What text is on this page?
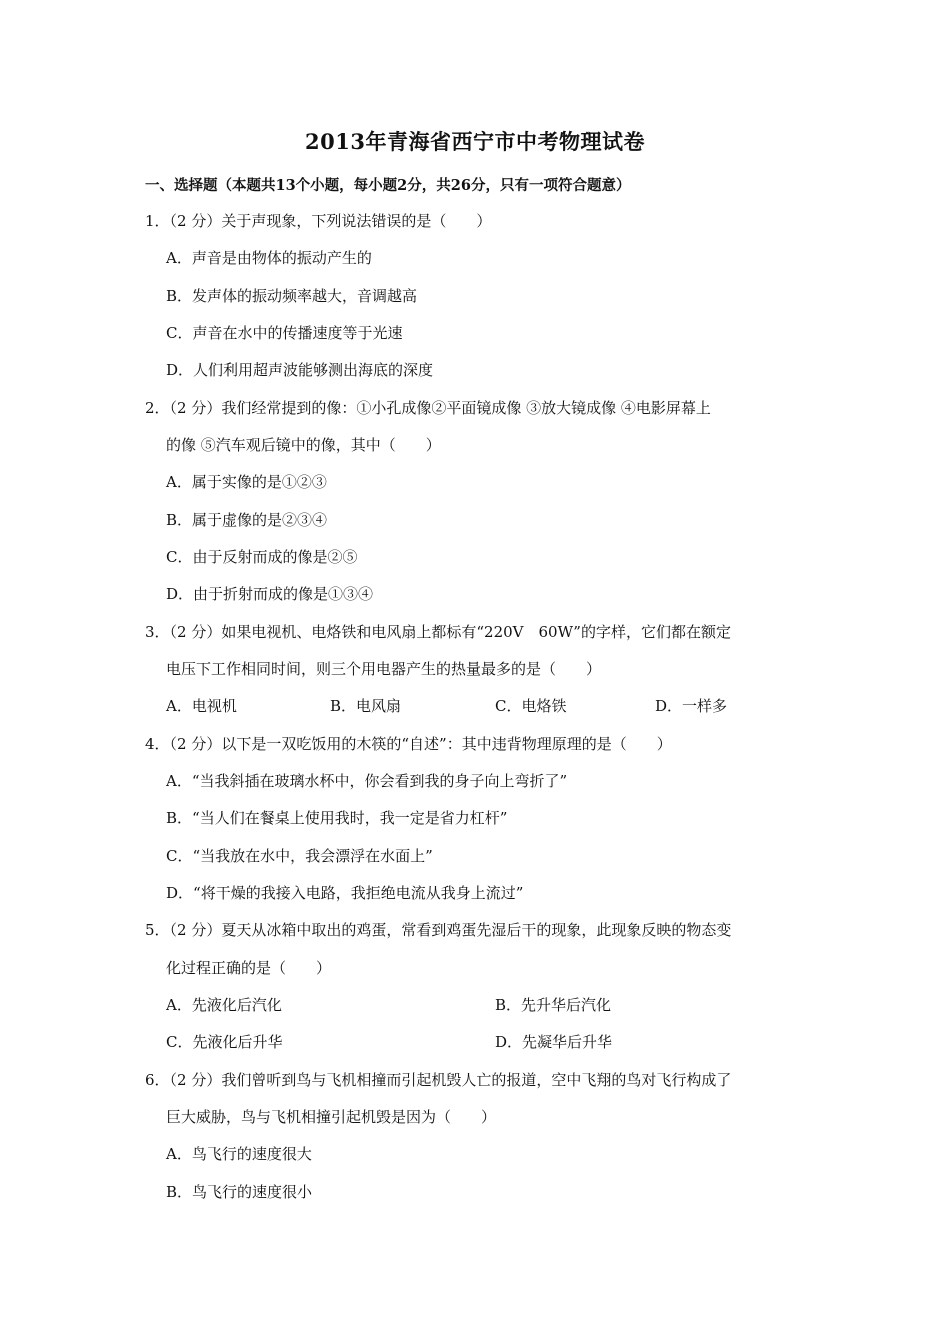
2013年青海省西宁市中考物理试卷
一、选择题（本题共13个小题，每小题2分，共26分，只有一项符合题意）
1．（2 分）关于声现象，下列说法错误的是（　　）
A．声音是由物体的振动产生的
B．发声体的振动频率越大，音调越高
C．声音在水中的传播速度等于光速
D．人们利用超声波能够测出海底的深度
2．（2 分）我们经常提到的像：①小孔成像②平面镜成像 ③放大镜成像 ④电影屏幕上
的像 ⑤汽车观后镜中的像，其中（　　）
A．属于实像的是①②③
B．属于虚像的是②③④
C．由于反射而成的像是②⑤
D．由于折射而成的像是①③④
3．（2 分）如果电视机、电烙铁和电风扇上都标有“220V　60W”的字样，它们都在额定
电压下工作相同时间，则三个用电器产生的热量最多的是（　　）
A．电视机	B．电风扇	C．电烙铁	D．一样多
4．（2 分）以下是一双吃饭用的木筷的“自述”：其中违背物理原理的是（　　）
A．“当我斜插在玻璃水杯中，你会看到我的身子向上弯折了”
B．“当人们在餐桌上使用我时，我一定是省力杠杆”
C．“当我放在水中，我会漂浮在水面上”
D．“将干燥的我接入电路，我拒绝电流从我身上流过”
5．（2 分）夏天从冰箱中取出的鸡蛋，常看到鸡蛋先湿后干的现象，此现象反映的物态变
化过程正确的是（　　）
A．先液化后汽化	B．先升华后汽化
C．先液化后升华	D．先凝华后升华
6．（2 分）我们曾听到鸟与飞机相撞而引起机毁人亡的报道，空中飞翔的鸟对飞行构成了
巨大威胁，鸟与飞机相撞引起机毁是因为（　　）
A．鸟飞行的速度很大
B．鸟飞行的速度很小
